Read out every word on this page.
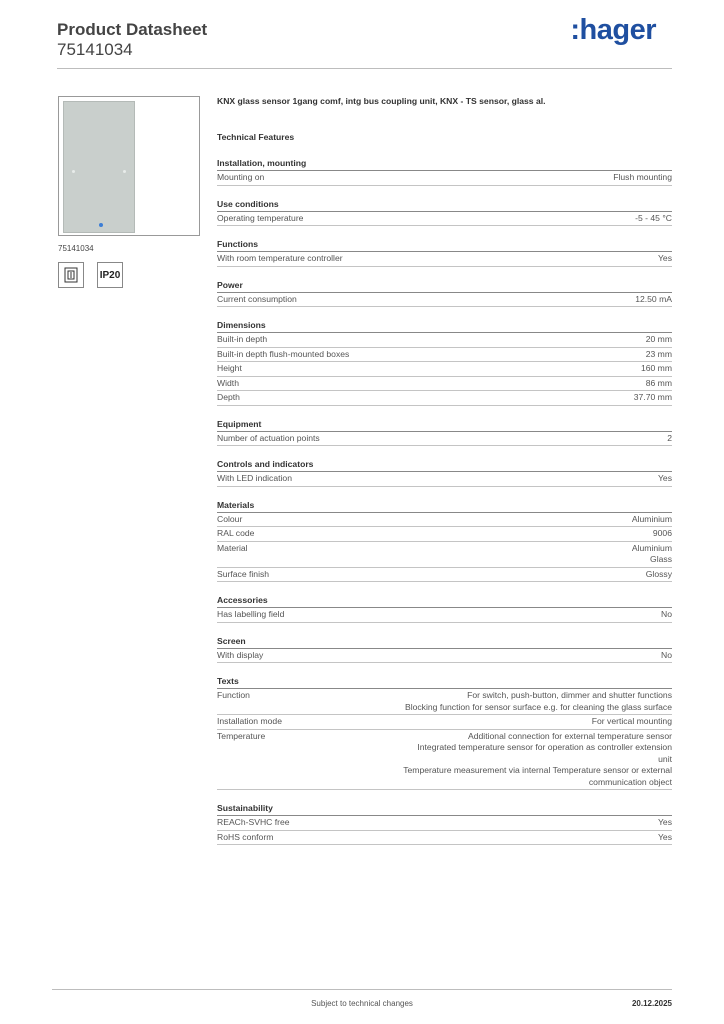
Product Datasheet
75141034
:hager
75141034
IP20
KNX glass sensor 1gang comf, intg bus coupling unit, KNX - TS sensor, glass al.
Technical Features
Installation, mounting
Mounting on	Flush mounting
Use conditions
Operating temperature	-5 - 45 °C
Functions
With room temperature controller	Yes
Power
Current consumption	12.50 mA
Dimensions
Built-in depth	20 mm
Built-in depth flush-mounted boxes	23 mm
Height	160 mm
Width	86 mm
Depth	37.70 mm
Equipment
Number of actuation points	2
Controls and indicators
With LED indication	Yes
Materials
Colour	Aluminium
RAL code	9006
Material	Aluminium
Glass
Surface finish	Glossy
Accessories
Has labelling field	No
Screen
With display	No
Texts
Function	For switch, push-button, dimmer and shutter functions
Blocking function for sensor surface e.g. for cleaning the glass surface
Installation mode	For vertical mounting
Temperature	Additional connection for external temperature sensor
Integrated temperature sensor for operation as controller extension
unit
Temperature measurement via internal Temperature sensor or external
communication object
Sustainability
REACh-SVHC free	Yes
RoHS conform	Yes
Subject to technical changes	20.12.2025
